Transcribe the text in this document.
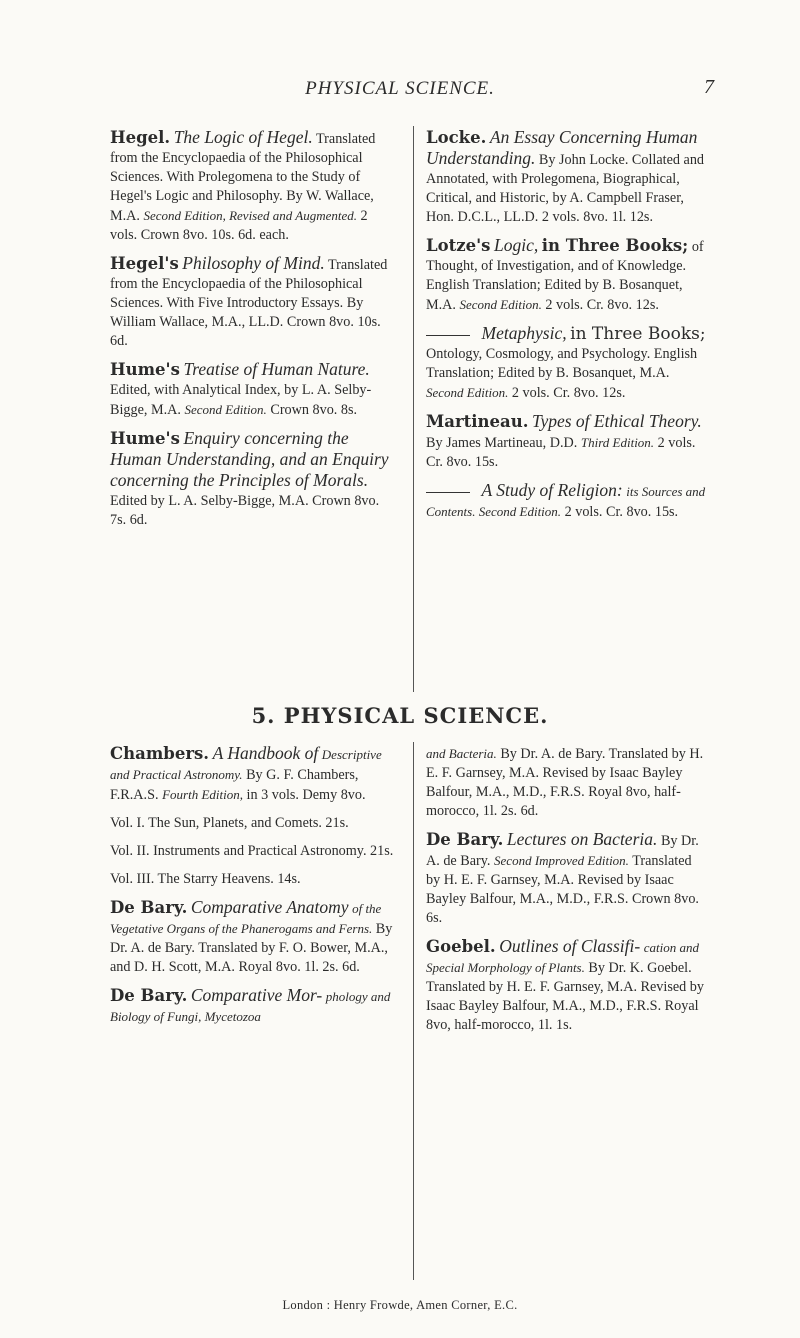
PHYSICAL SCIENCE.	7
Hegel. The Logic of Hegel. Translated from the Encyclopaedia of the Philosophical Sciences. With Prolegomena to the Study of Hegel's Logic and Philosophy. By W. Wallace, M.A. Second Edition, Revised and Augmented. 2 vols. Crown 8vo. 10s. 6d. each.
Hegel's Philosophy of Mind. Translated from the Encyclopaedia of the Philosophical Sciences. With Five Introductory Essays. By William Wallace, M.A., LL.D. Crown 8vo. 10s. 6d.
Hume's Treatise of Human Nature. Edited, with Analytical Index, by L. A. Selby-Bigge, M.A. Second Edition. Crown 8vo. 8s.
Hume's Enquiry concerning the Human Understanding, and an Enquiry concerning the Principles of Morals. Edited by L. A. Selby-Bigge, M.A. Crown 8vo. 7s. 6d.
Locke. An Essay Concerning Human Understanding. By John Locke. Collated and Annotated, with Prolegomena, Biographical, Critical, and Historic, by A. Campbell Fraser, Hon. D.C.L., LL.D. 2 vols. 8vo. 1l. 12s.
Lotze's Logic, in Three Books; of Thought, of Investigation, and of Knowledge. English Translation; Edited by B. Bosanquet, M.A. Second Edition. 2 vols. Cr. 8vo. 12s.
Metaphysic, in Three Books; Ontology, Cosmology, and Psychology. English Translation; Edited by B. Bosanquet, M.A. Second Edition. 2 vols. Cr. 8vo. 12s.
Martineau. Types of Ethical Theory. By James Martineau, D.D. Third Edition. 2 vols. Cr. 8vo. 15s.
A Study of Religion: its Sources and Contents. Second Edition. 2 vols. Cr. 8vo. 15s.
5. PHYSICAL SCIENCE.
Chambers. A Handbook of Descriptive and Practical Astronomy. By G. F. Chambers, F.R.A.S. Fourth Edition, in 3 vols. Demy 8vo.
Vol. I. The Sun, Planets, and Comets. 21s.
Vol. II. Instruments and Practical Astronomy. 21s.
Vol. III. The Starry Heavens. 14s.
De Bary. Comparative Anatomy of the Vegetative Organs of the Phanerogams and Ferns. By Dr. A. de Bary. Translated by F. O. Bower, M.A., and D. H. Scott, M.A. Royal 8vo. 1l. 2s. 6d.
De Bary. Comparative Mor- phology and Biology of Fungi, Mycetozoa
and Bacteria. By Dr. A. de Bary. Translated by H. E. F. Garnsey, M.A. Revised by Isaac Bayley Balfour, M.A., M.D., F.R.S. Royal 8vo, half-morocco, 1l. 2s. 6d.
De Bary. Lectures on Bacteria. By Dr. A. de Bary. Second Improved Edition. Translated by H. E. F. Garnsey, M.A. Revised by Isaac Bayley Balfour, M.A., M.D., F.R.S. Crown 8vo. 6s.
Goebel. Outlines of Classifi- cation and Special Morphology of Plants. By Dr. K. Goebel. Translated by H. E. F. Garnsey, M.A. Revised by Isaac Bayley Balfour, M.A., M.D., F.R.S. Royal 8vo, half-morocco, 1l. 1s.
London : Henry Frowde, Amen Corner, E.C.
